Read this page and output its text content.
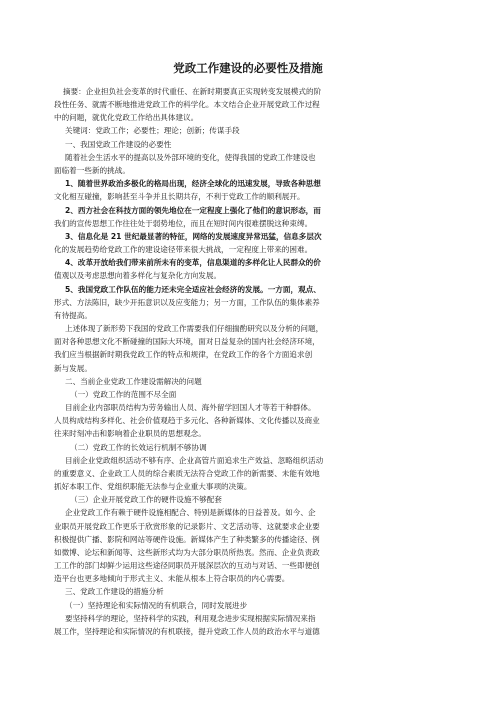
党政工作建设的必要性及措施
摘要：企业担负社会变革的时代重任、在新时期要真正实现转变发展模式的阶
段性任务、就需不断地推进党政工作的科学化。本文结合企业开展党政工作过程
中的问题，就优化党政工作给出具体建议。
关键词：党政工作；必要性；理论；创新；传谋手段
一、我国党政工作建设的必要性
随着社会生活水平的提高以及外部环境的变化，使得我国的党政工作建设也
面临着一些新的挑战。
1、随着世界政治多极化的格局出现，经济全球化的迅速发展，导致各种思想
文化相互碰撞，影响甚至斗争并且长期共存，不利于党政工作的顺利展开。
2、西方社会在科技方面的领先地位在一定程度上强化了他们的意识形态，而
我们的宣传思想工作往往处于弱势地位，而且在短时间内很难摆脱这种束缚。
3、信息化是 21 世纪最显著的特征，网络的发展速度异常迅猛，信息多层次
化的发展趋势给党政工作的建设途径带来很大挑战，一定程度上带来的困难。
4、改革开放给我们带来前所未有的变革，信息渠道的多样化让人民群众的价
值观以及考虑思想向着多样化与复杂化方向发展。
5、我国党政工作队伍的能力还未完全适应社会经济的发展。一方面，观点、
形式、方法陈旧，缺少开拓意识以及应变能力；另一方面，工作队伍的集体素养
有待提高。
上述体现了新形势下我国的党政工作需要我们仔细揣酌研究以及分析的问题，
面对各种思想文化不断碰撞的国际大环境，面对日益复杂的国内社会经济环境，
我们应当根据新时期我党政工作的特点和规律，在党政工作的各个方面追求创
新与发展。
二、当前企业党政工作建设需解决的问题
（一）党政工作的范围不尽全面
目前企业内部职员结构为劳务输出人员、海外留学回国人才等若干种群体。
人员构成结构多样化、社会价值观趋于多元化、各种新媒体、文化传播以及商业
往来时刻冲击和影响着企业职员的思想观念。
（二）党政工作的长效运行机制不够协调
目前企业党政组织活动不够有序、企业高管片面追求生产效益、忽略组织活动
的重要意义、企业政工人员的综合素质无法符合党政工作的新需要、未能有效地
抓好本职工作、党组织职能无法参与企业重大事项的决策。
（三）企业开展党政工作的硬件设施不够配套
企业党政工作有赖于硬件设施相配合、特别是新媒体的日益普及。如今、企
业职员开展党政工作更乐于欣赏形象的记录影片、文艺活动等、这就要求企业要
积极提供广播、影院和网站等硬件设施。新媒体产生了种类繁多的传播途径、例
如微博、论坛和新闻等、这些新形式均为大部分职员所热衷。然而、企业负责政
工工作的部门却鲜少运用这些途径同职员开展深层次的互动与对话、一些即便创
造平台也更多地倾向于形式主义、未能从根本上符合职员的内心需要。
三、党政工作建设的措施分析
（一）坚持理论和实际情况的有机联合，同时发展进步
要坚持科学的理论，坚持科学的实践，利用观念进步实现根据实际情况来指
展工作，坚持理论和实际情况的有机联接，提升党政工作人员的政治水平与道德
